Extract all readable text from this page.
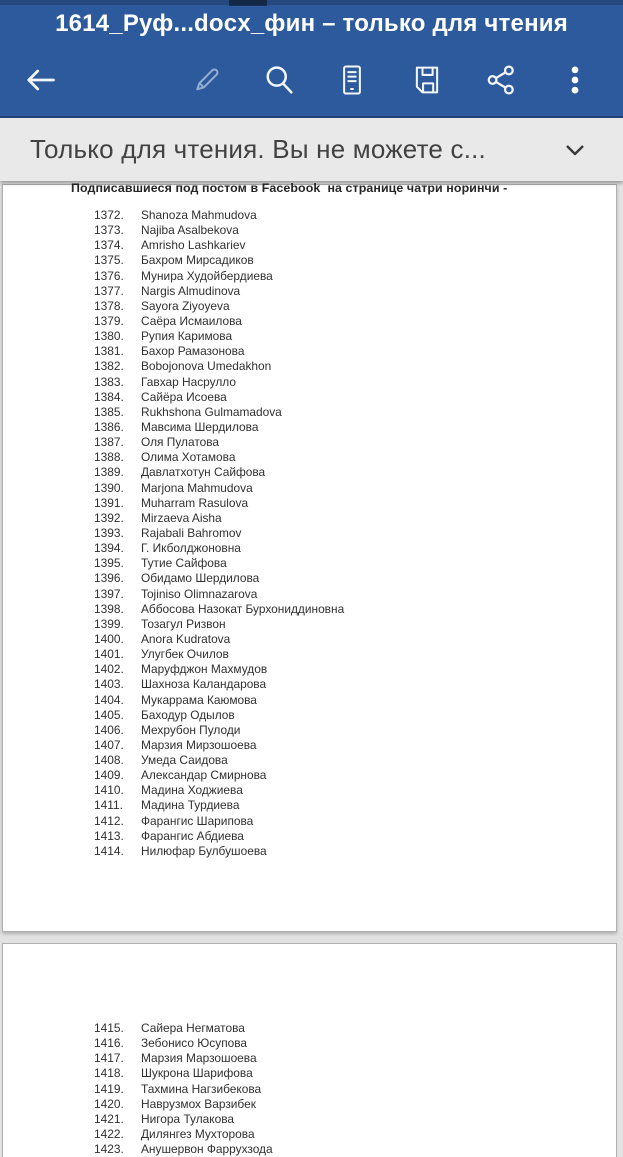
1614_Руф...docx_фин – только для чтения
Только для чтения. Вы не можете с...
Подписавшиеся под постом в Facebook  на странице чатри норинчи -
1372.	Shanoza Mahmudova
1373.	Najiba Asalbekova
1374.	Amrisho Lashkariev
1375.	Бахром Мирсадиков
1376.	Мунира Худойбердиева
1377.	Nargis Almudinova
1378.	Sayora Ziyoyeva
1379.	Саёра Исмаилова
1380.	Рупия Каримова
1381.	Бахор Рамазонова
1382.	Bobojonova Umedakhon
1383.	Гавхар Насрулло
1384.	Сайёра Исоева
1385.	Rukhshona Gulmamadova
1386.	Мавсима Шердилова
1387.	Оля Пулатова
1388.	Олима Хотамова
1389.	Давлатхотун Сайфова
1390.	Marjona Mahmudova
1391.	Muharram Rasulova
1392.	Mirzaeva Aisha
1393.	Rajabali Bahromov
1394.	Г. Икболджоновна
1395.	Тутие Сайфова
1396.	Обидамо Шердилова
1397.	Tojiniso Olimnazarova
1398.	Аббосова Назокат Бурхониддиновна
1399.	Тозагул Ризвон
1400.	Anora Kudratova
1401.	Улугбек Очилов
1402.	Маруфджон Махмудов
1403.	Шахноза Каландарова
1404.	Мукаррама Каюмова
1405.	Баходур Одылов
1406.	Мехрубон Пулоди
1407.	Марзия Мирзошоева
1408.	Умеда Саидова
1409.	Александар Смирнова
1410.	Мадина Ходжиева
1411.	Мадина Турдиева
1412.	Фарангис Шарипова
1413.	Фарангис Абдиева
1414.	Нилюфар Булбушоева
1415.	Сайера Негматова
1416.	Зебонисо Юсупова
1417.	Марзия Марзошоева
1418.	Шукрона Шарифова
1419.	Тахмина Нагзибекова
1420.	Наврузмох Варзибек
1421.	Нигора Тулакова
1422.	Дилянгез Мухторова
1423.	Анушервон Фаррухзода
